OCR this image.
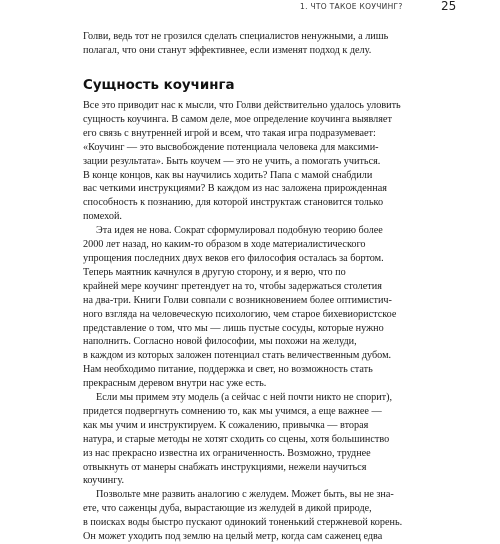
1. ЧТО ТАКОЕ КОУЧИНГ?	25
Голви, ведь тот не грозился сделать специалистов ненужными, а лишь
полагал, что они станут эффективнее, если изменят подход к делу.
Сущность коучинга
Все это приводит нас к мысли, что Голви действительно удалось уловить
сущность коучинга. В самом деле, мое определение коучинга выявляет
его связь с внутренней игрой и всем, что такая игра подразумевает:
«Коучинг — это высвобождение потенциала человека для максими-
зации результата». Быть коучем — это не учить, а помогать учиться.
В конце концов, как вы научились ходить? Папа с мамой снабдили
вас четкими инструкциями? В каждом из нас заложена прирожденная
способность к познанию, для которой инструктаж становится только
помехой.
Эта идея не нова. Сократ сформулировал подобную теорию более
2000 лет назад, но каким-то образом в ходе материалистического
упрощения последних двух веков его философия осталась за бортом.
Теперь маятник качнулся в другую сторону, и я верю, что по
крайней мере коучинг претендует на то, чтобы задержаться столетия
на два-три. Книги Голви совпали с возникновением более оптимистич-
ного взгляда на человеческую психологию, чем старое бихевиористское
представление о том, что мы — лишь пустые сосуды, которые нужно
наполнить. Согласно новой философии, мы похожи на желуди,
в каждом из которых заложен потенциал стать величественным дубом.
Нам необходимо питание, поддержка и свет, но возможность стать
прекрасным деревом внутри нас уже есть.
Если мы примем эту модель (а сейчас с ней почти никто не спорит),
придется подвергнуть сомнению то, как мы учимся, а еще важнее —
как мы учим и инструктируем. К сожалению, привычка — вторая
натура, и старые методы не хотят сходить со сцены, хотя большинство
из нас прекрасно известна их ограниченность. Возможно, труднее
отвыкнуть от манеры снабжать инструкциями, нежели научиться
коучингу.
Позвольте мне развить аналогию с желудем. Может быть, вы не зна-
ете, что саженцы дуба, вырастающие из желудей в дикой природе,
в поисках воды быстро пускают одинокий тоненький стержневой корень.
Он может уходить под землю на целый метр, когда сам саженец едва
